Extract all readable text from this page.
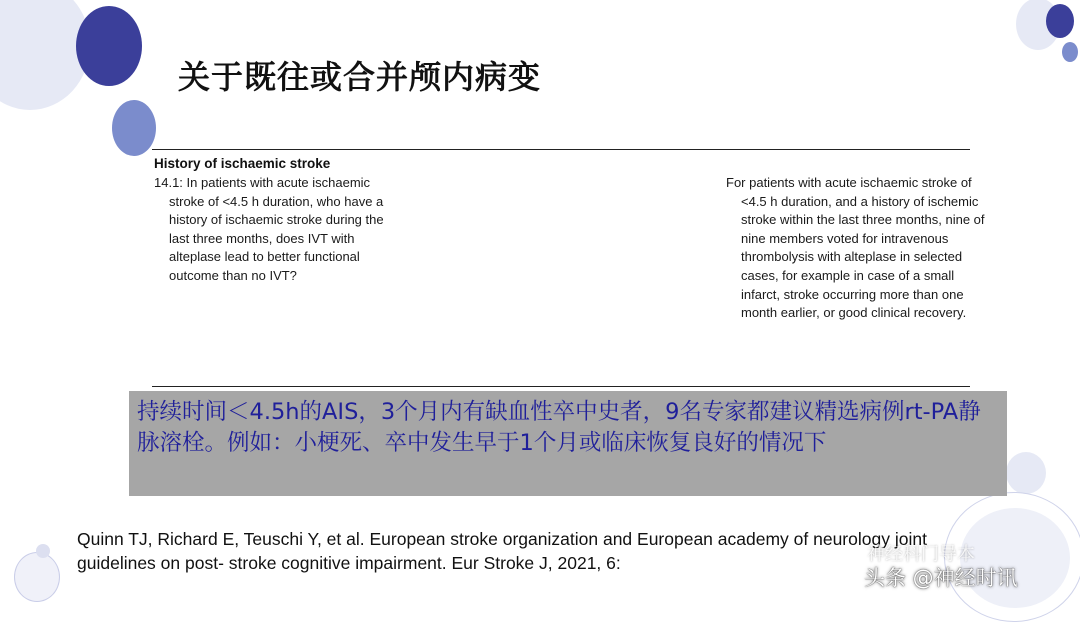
关于既往或合并颅内病变

History of ischaemic stroke

14.1: In patients with acute ischaemic stroke of <4.5 h duration, who have a history of ischaemic stroke during the last three months, does IVT with alteplase lead to better functional outcome than no IVT?

For patients with acute ischaemic stroke of <4.5 h duration, and a history of ischemic stroke within the last three months, nine of nine members voted for intravenous thrombolysis with alteplase in selected cases, for example in case of a small infarct, stroke occurring more than one month earlier, or good clinical recovery.

持续时间＜4.5h的AIS，3个月内有缺血性卒中史者，9名专家都建议精选病例rt-PA静脉溶栓。例如：小梗死、卒中发生早于1个月或临床恢复良好的情况下

Quinn TJ, Richard E, Teuschi Y, et al. European stroke organization and European academy of neurology joint guidelines on post- stroke cognitive impairment. Eur Stroke J, 2021, 6:	神经科门导本

头条 @神经时讯
